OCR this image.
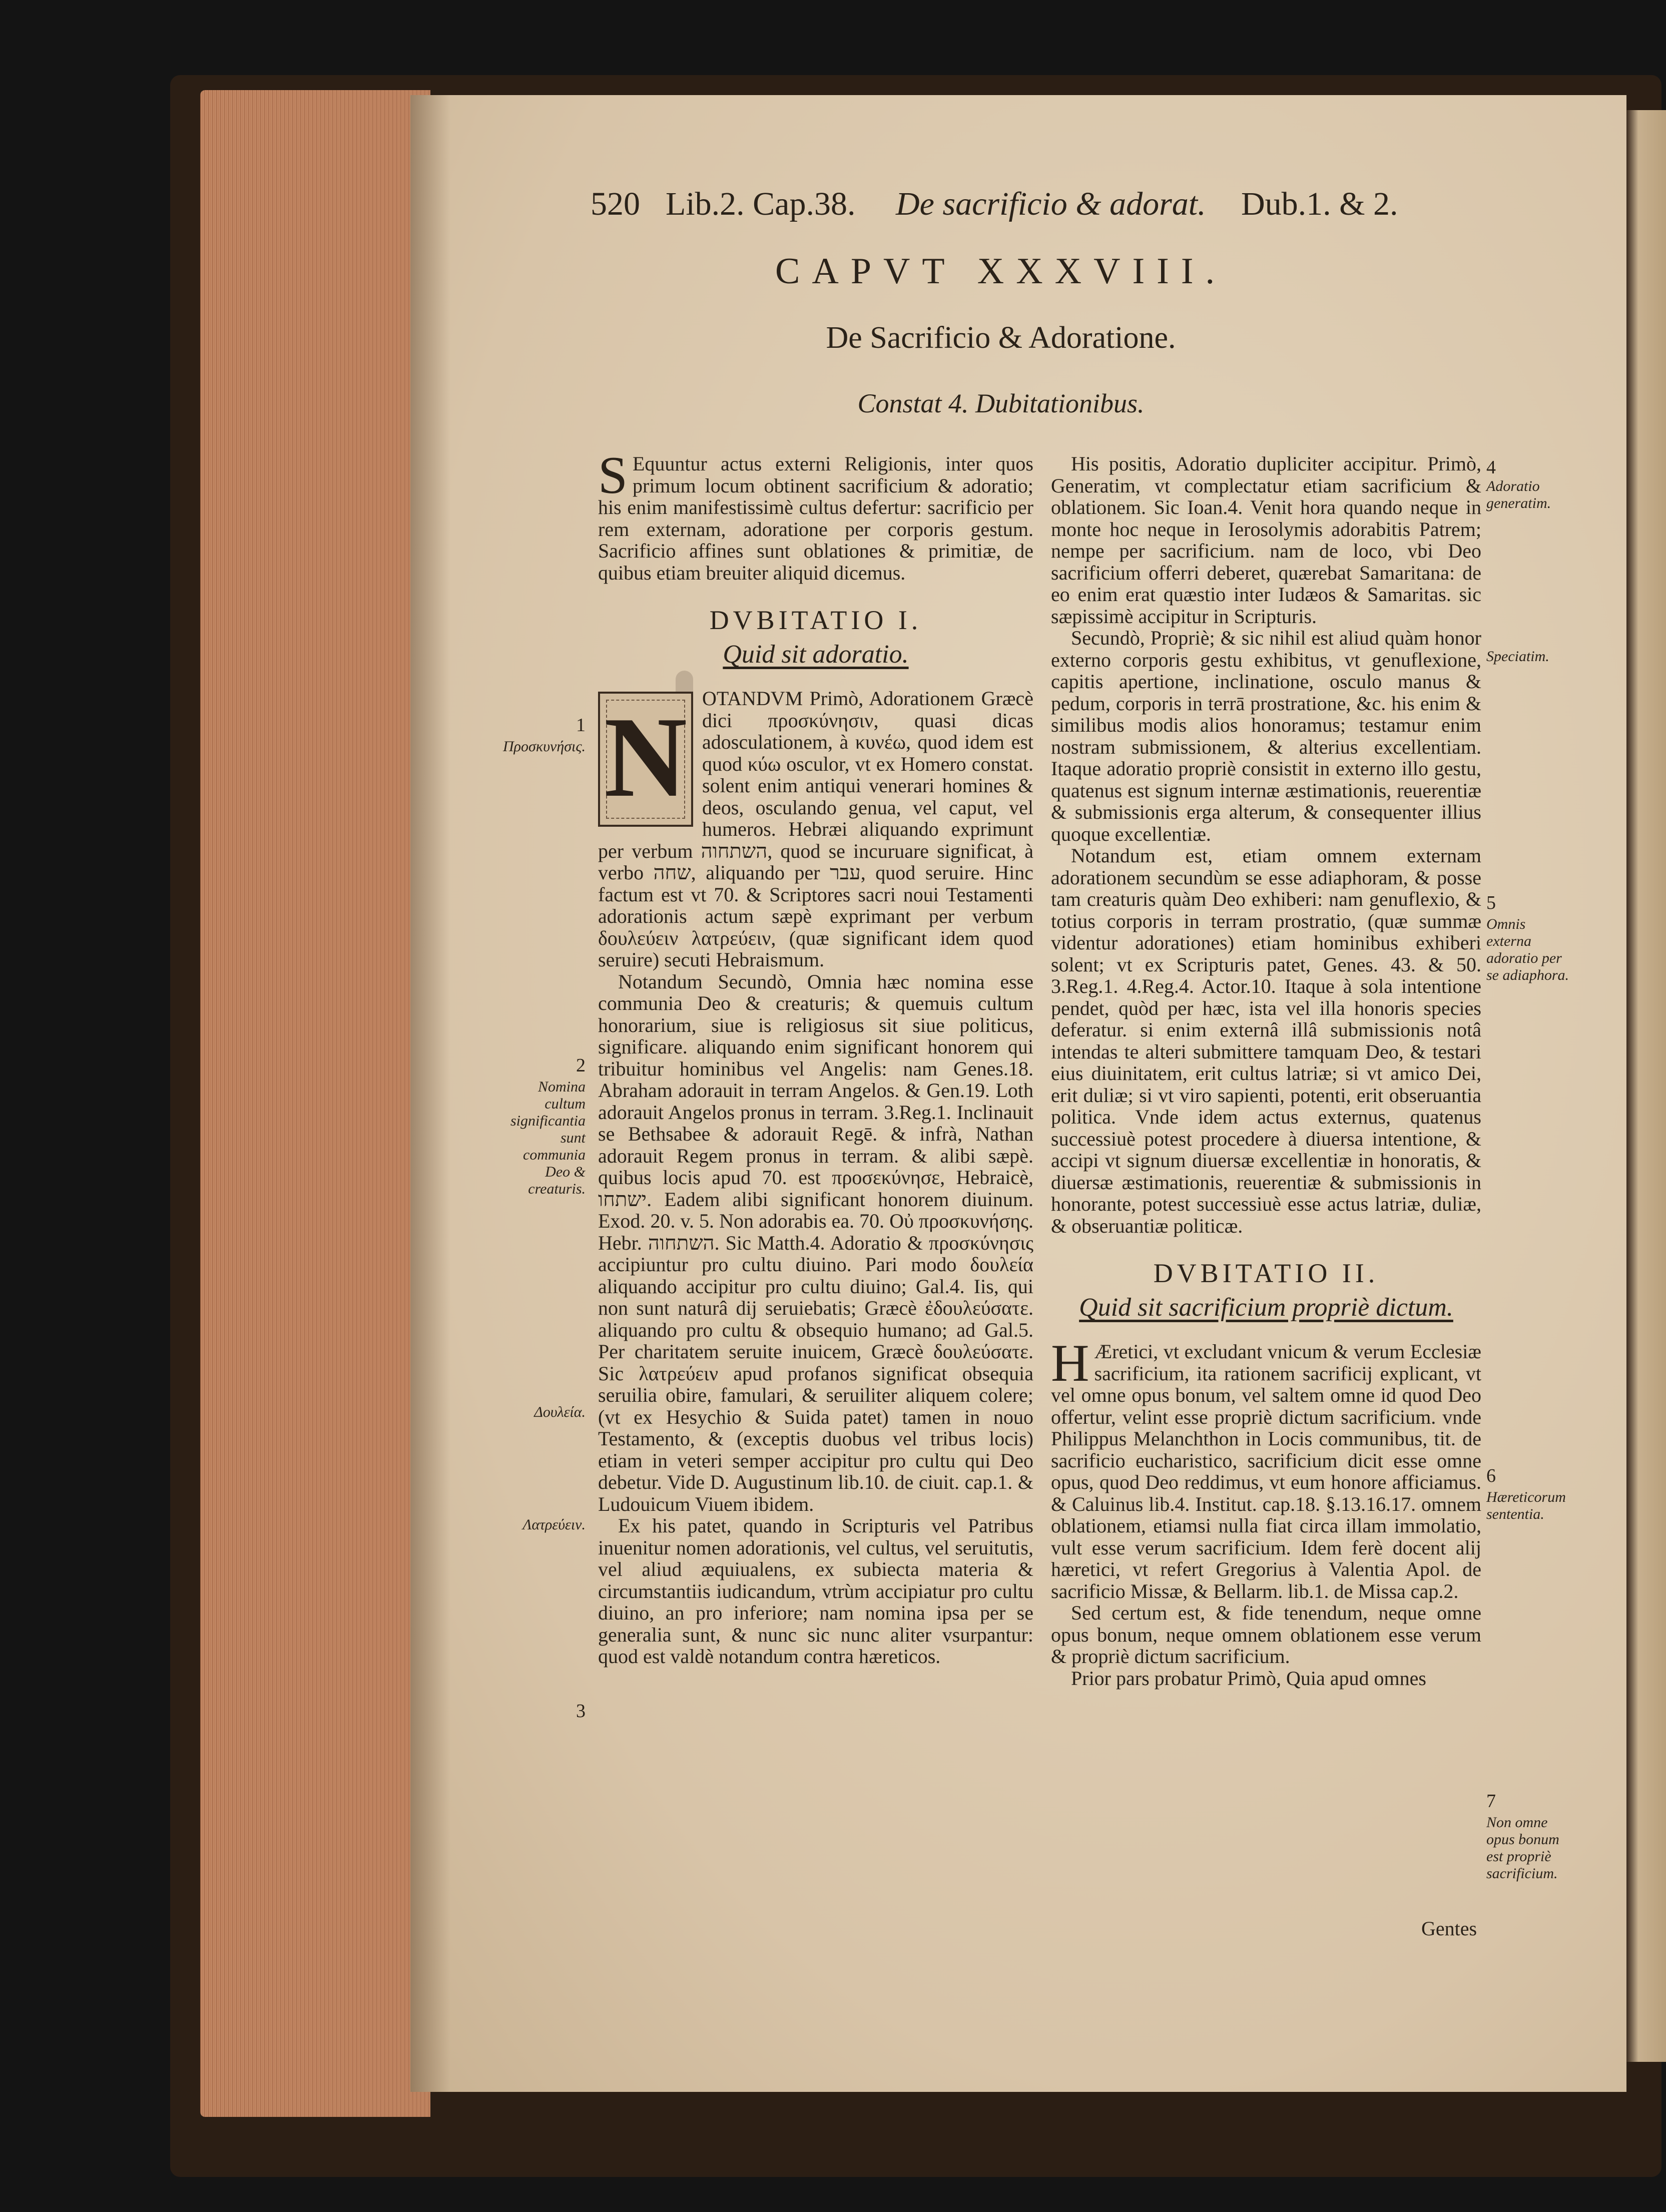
520 Lib.2. Cap.38. De sacrificio & adorat. Dub.1. & 2.
CAPVT XXXVIII.
De Sacrificio & Adoratione.
Constat 4. Dubitationibus.

S Equuntur actus externi Religionis, inter quos primum locum obtinent sacrificium & adoratio; his enim manifestissimè cultus defertur: sacrificio per rem externam, adoratione per corporis gestum. Sacrificio affines sunt oblationes & primitiæ, de quibus etiam breuiter aliquid dicemus.

DVBITATIO I.
Quid sit adoratio.

N OTANDVM Primò, Adorationem Græcè dici προσκύνησιν, quasi dicas adosculationem, à κυνέω, quod idem est quod κύω osculor, vt ex Homero constat. solent enim antiqui venerari homines & deos, osculando genua, vel caput, vel humeros. Hebræi aliquando exprimunt per verbum השתחוה, quod se incuruare significat, à verbo שחה, aliquando per עבר, quod seruire. Hinc factum est vt 70. & Scriptores sacri noui Testamenti adorationis actum sæpè exprimant per verbum δουλεύειν λατρεύειν, (quæ significant idem quod seruire) secuti Hebraismum.

Notandum Secundò, Omnia hæc nomina esse communia Deo & creaturis; & quemuis cultum honorarium, siue is religiosus sit siue politicus, significare. aliquando enim significant honorem qui tribuitur hominibus vel Angelis: nam Genes.18. Abraham adorauit in terram Angelos. & Gen.19. Loth adorauit Angelos pronus in terram. 3.Reg.1. Inclinauit se Bethsabee & adorauit Regē. & infrà, Nathan adorauit Regem pronus in terram. & alibi sæpè. quibus locis apud 70. est προσεκύνησε, Hebraicè, ישתחו. Eadem alibi significant honorem diuinum. Exod. 20. v. 5. Non adorabis ea. 70. Οὐ προσκυνήσης. Hebr. השתחוה. Sic Matth.4. Adoratio & προσκύνησις accipiuntur pro cultu diuino. Pari modo δουλεία aliquando accipitur pro cultu diuino; Gal.4. Iis, qui non sunt naturâ dij seruiebatis; Græcè ἐδουλεύσατε. aliquando pro cultu & obsequio humano; ad Gal.5. Per charitatem seruite inuicem, Græcè δουλεύσατε. Sic λατρεύειν apud profanos significat obsequia seruilia obire, famulari, & seruiliter aliquem colere; (vt ex Hesychio & Suida patet) tamen in nouo Testamento, & (exceptis duobus vel tribus locis) etiam in veteri semper accipitur pro cultu qui Deo debetur. Vide D. Augustinum lib.10. de ciuit. cap.1. & Ludouicum Viuem ibidem.

Ex his patet, quando in Scripturis vel Patribus inuenitur nomen adorationis, vel cultus, vel seruitutis, vel aliud æquiualens, ex subiecta materia & circumstantiis iudicandum, vtrùm accipiatur pro cultu diuino, an pro inferiore; nam nomina ipsa per se generalia sunt, & nunc sic nunc aliter vsurpantur: quod est valdè notandum contra hæreticos.

His positis, Adoratio dupliciter accipitur. Primò, Generatim, vt complectatur etiam sacrificium & oblationem. Sic Ioan.4. Venit hora quando neque in monte hoc neque in Ierosolymis adorabitis Patrem; nempe per sacrificium. nam de loco, vbi Deo sacrificium offerri deberet, quærebat Samaritana: de eo enim erat quæstio inter Iudæos & Samaritas. sic sæpissimè accipitur in Scripturis.

Secundò, Propriè; & sic nihil est aliud quàm honor externo corporis gestu exhibitus, vt genuflexione, capitis apertione, inclinatione, osculo manus & pedum, corporis in terrā prostratione, &c. his enim & similibus modis alios honoramus; testamur enim nostram submissionem, & alterius excellentiam. Itaque adoratio propriè consistit in externo illo gestu, quatenus est signum internæ æstimationis, reuerentiæ & submissionis erga alterum, & consequenter illius quoque excellentiæ.

Notandum est, etiam omnem externam adorationem secundùm se esse adiaphoram, & posse tam creaturis quàm Deo exhiberi: nam genuflexio, & totius corporis in terram prostratio, (quæ summæ videntur adorationes) etiam hominibus exhiberi solent; vt ex Scripturis patet, Genes. 43. & 50. 3.Reg.1. 4.Reg.4. Actor.10. Itaque à sola intentione pendet, quòd per hæc, ista vel illa honoris species deferatur. si enim externâ illâ submissionis notâ intendas te alteri submittere tamquam Deo, & testari eius diuinitatem, erit cultus latriæ; si vt amico Dei, erit duliæ; si vt viro sapienti, potenti, erit obseruantia politica. Vnde idem actus externus, quatenus successiuè potest procedere à diuersa intentione, & accipi vt signum diuersæ excellentiæ in honoratis, & diuersæ æstimationis, reuerentiæ & submissionis in honorante, potest successiuè esse actus latriæ, duliæ, & obseruantiæ politicæ.

DVBITATIO II.
Quid sit sacrificium propriè dictum.

H Æretici, vt excludant vnicum & verum Ecclesiæ sacrificium, ita rationem sacrificij explicant, vt vel omne opus bonum, vel saltem omne id quod Deo offertur, velint esse propriè dictum sacrificium. vnde Philippus Melanchthon in Locis communibus, tit. de sacrificio eucharistico, sacrificium dicit esse omne opus, quod Deo reddimus, vt eum honore afficiamus. & Caluinus lib.4. Institut. cap.18. §.13.16.17. omnem oblationem, etiamsi nulla fiat circa illam immolatio, vult esse verum sacrificium. Idem ferè docent alij hæretici, vt refert Gregorius à Valentia Apol. de sacrificio Missæ, & Bellarm. lib.1. de Missa cap.2.

Sed certum est, & fide tenendum, neque omne opus bonum, neque omnem oblationem esse verum & propriè dictum sacrificium.

Prior pars probatur Primò, Quia apud omnes

Gentes
1
Προσκυνήσις.
2
Nomina cultum significantia sunt communia Deo & creaturis.
Δουλεία.
Λατρεύειν.
3
4
Adoratio generatim.
Speciatim.
5
Omnis externa adoratio per se adiaphora.
6
Hæreticorum sententia.
7
Non omne opus bonum est propriè sacrificium.
